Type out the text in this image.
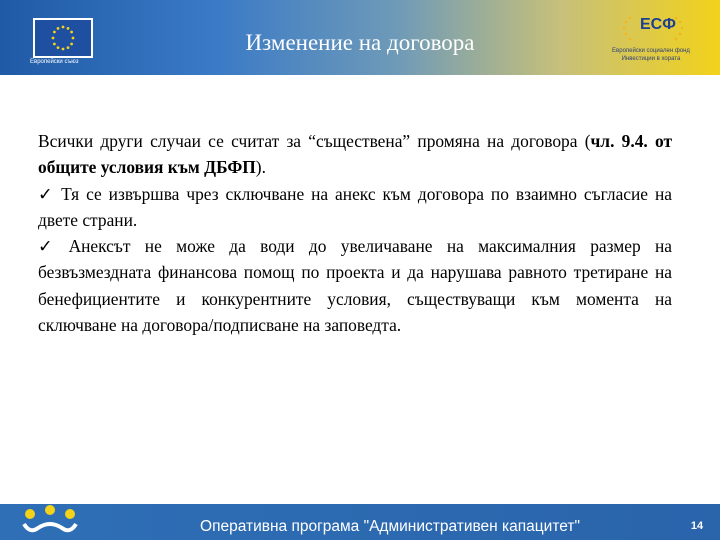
Европейски съюз
Изменение на договора
ЕСФ
Европейски социален фонд
Инвестиции в хората

Всички други случаи се считат за “съществена” промяна на договора (чл. 9.4. от общите условия към ДБФП).

✓ Тя се извършва чрез сключване на анекс към договора по взаимно съгласие на двете страни.

✓ Анексът не може да води до увеличаване на максималния размер на безвъзмездната финансова помощ по проекта и да нарушава равното третиране на бенефициентите и конкурентните условия, съществуващи към момента на сключване на договора/подписване на заповедта.

Оперативна програма "Административен капацитет"	14
